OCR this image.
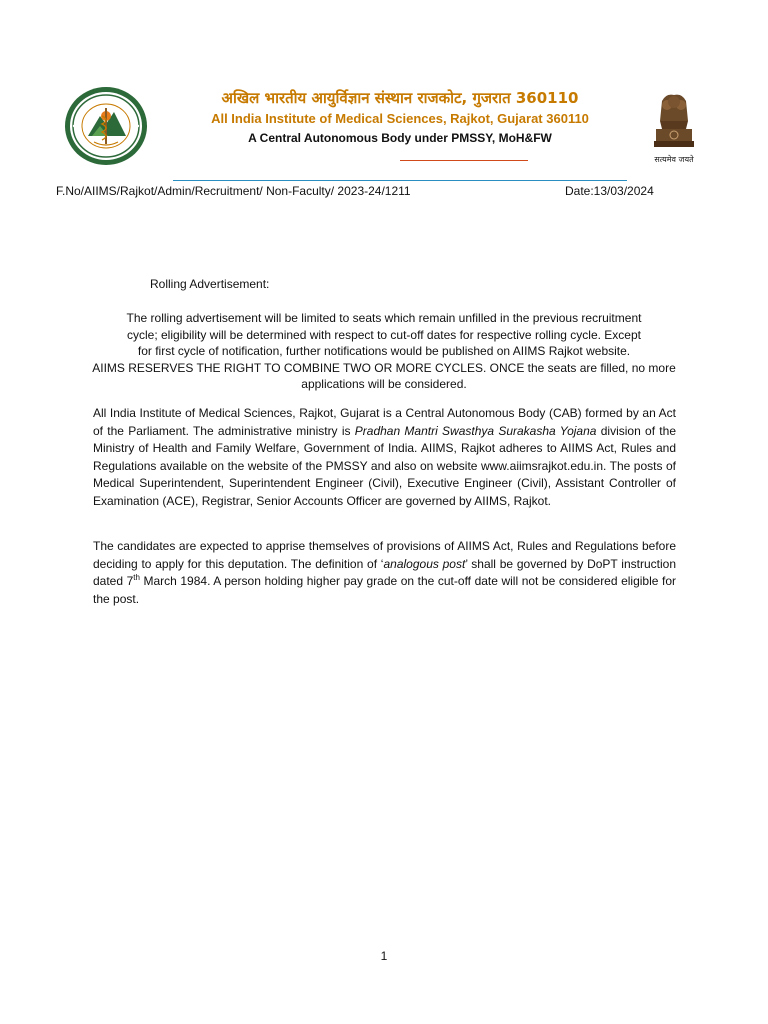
सत्यमेव जयते
अखिल भारतीय आयुर्विज्ञान संस्थान राजकोट, गुजरात 360110
All India Institute of Medical Sciences, Rajkot, Gujarat 360110
A Central Autonomous Body under PMSSY, MoH&FW
F.No/AIIMS/Rajkot/Admin/Recruitment/ Non-Faculty/ 2023-24/1211	Date:13/03/2024
Rolling Advertisement:
The rolling advertisement will be limited to seats which remain unfilled in the previous recruitment
cycle; eligibility will be determined with respect to cut-off dates for respective rolling cycle. Except
for first cycle of notification, further notifications would be published on AIIMS Rajkot website.
AIIMS RESERVES THE RIGHT TO COMBINE TWO OR MORE CYCLES. ONCE the seats are filled, no more
applications will be considered.
All India Institute of Medical Sciences, Rajkot, Gujarat is a Central Autonomous Body (CAB) formed by an Act of the Parliament. The administrative ministry is Pradhan Mantri Swasthya Surakasha Yojana division of the Ministry of Health and Family Welfare, Government of India. AIIMS, Rajkot adheres to AIIMS Act, Rules and Regulations available on the website of the PMSSY and also on website www.aiimsrajkot.edu.in. The posts of Medical Superintendent, Superintendent Engineer (Civil), Executive Engineer (Civil), Assistant Controller of Examination (ACE), Registrar, Senior Accounts Officer are governed by AIIMS, Rajkot.
The candidates are expected to apprise themselves of provisions of AIIMS Act, Rules and Regulations before deciding to apply for this deputation. The definition of ‘analogous post’ shall be governed by DoPT instruction dated 7th March 1984. A person holding higher pay grade on the cut-off date will not be considered eligible for the post.
1
